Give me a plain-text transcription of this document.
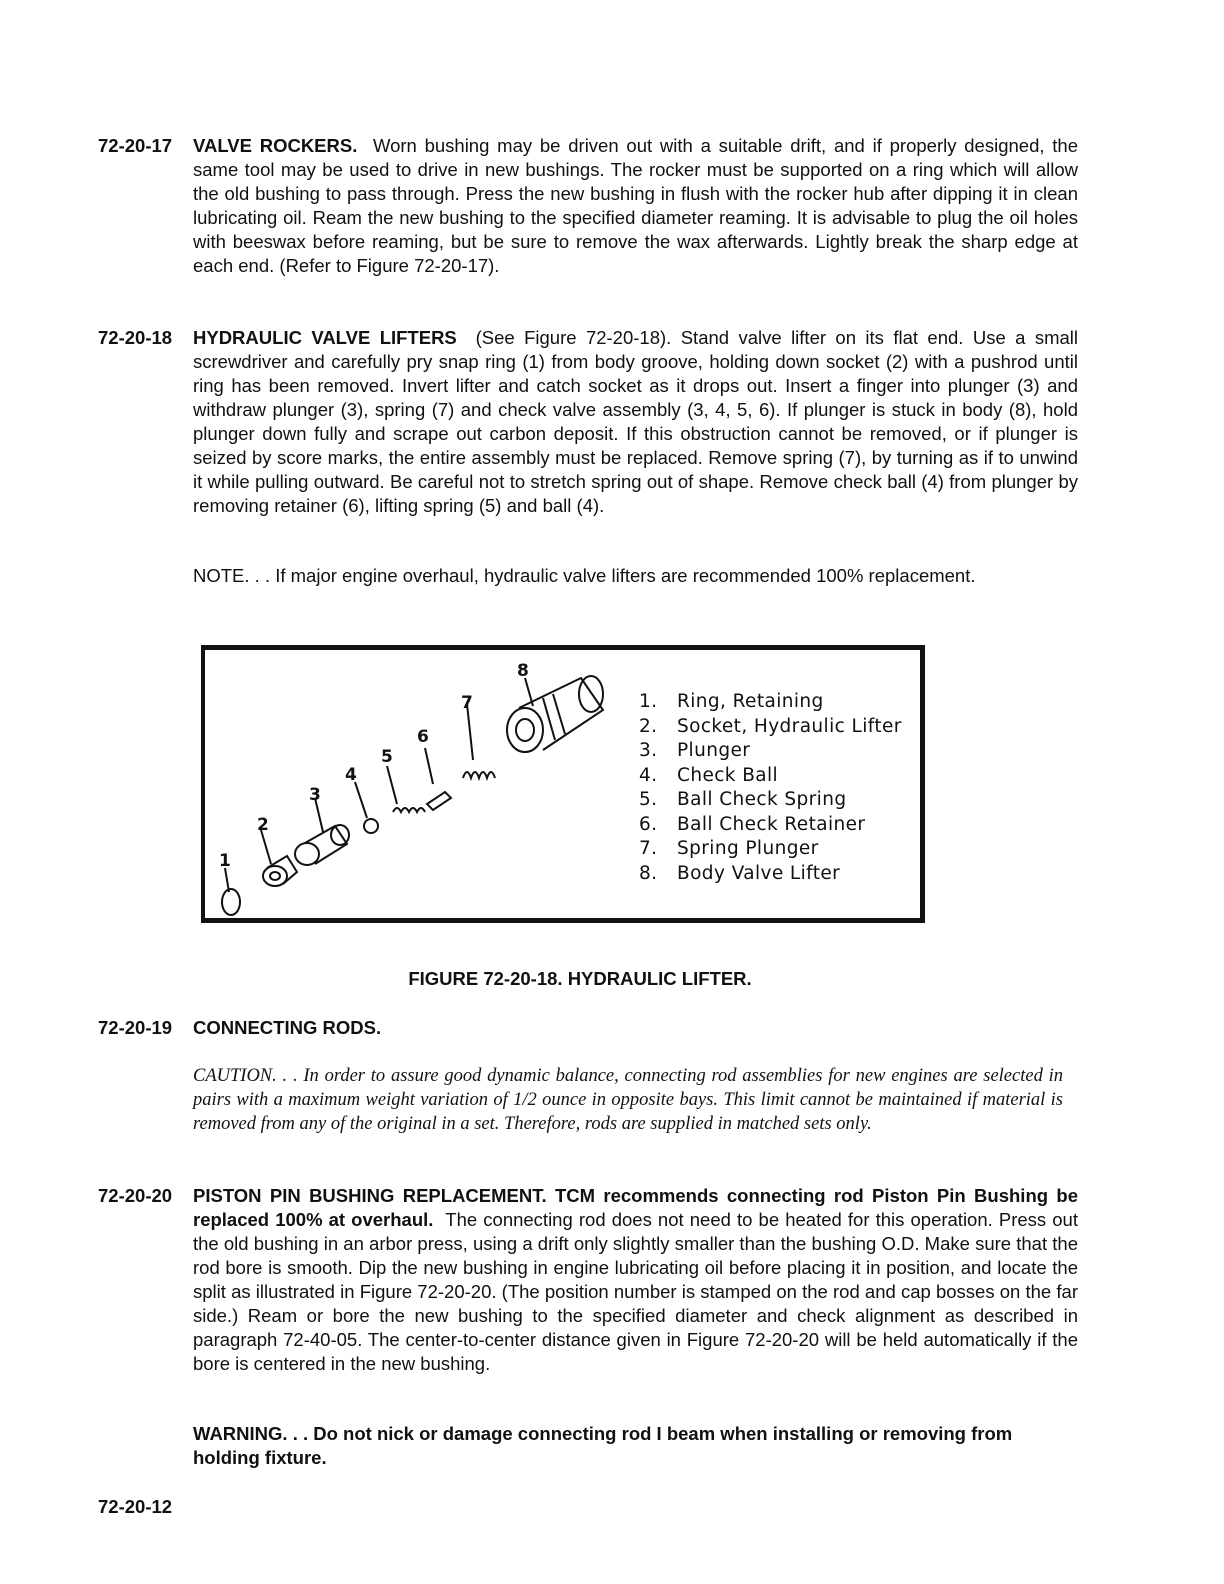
72-20-17 VALVE ROCKERS. Worn bushing may be driven out with a suitable drift, and if properly designed, the same tool may be used to drive in new bushings. The rocker must be supported on a ring which will allow the old bushing to pass through. Press the new bushing in flush with the rocker hub after dipping it in clean lubricating oil. Ream the new bushing to the specified diameter reaming. It is advisable to plug the oil holes with beeswax before reaming, but be sure to remove the wax afterwards. Lightly break the sharp edge at each end. (Refer to Figure 72-20-17).
72-20-18 HYDRAULIC VALVE LIFTERS (See Figure 72-20-18). Stand valve lifter on its flat end. Use a small screwdriver and carefully pry snap ring (1) from body groove, holding down socket (2) with a pushrod until ring has been removed. Invert lifter and catch socket as it drops out. Insert a finger into plunger (3) and withdraw plunger (3), spring (7) and check valve assembly (3, 4, 5, 6). If plunger is stuck in body (8), hold plunger down fully and scrape out carbon deposit. If this obstruction cannot be removed, or if plunger is seized by score marks, the entire assembly must be replaced. Remove spring (7), by turning as if to unwind it while pulling outward. Be careful not to stretch spring out of shape. Remove check ball (4) from plunger by removing retainer (6), lifting spring (5) and ball (4).
NOTE. . . If major engine overhaul, hydraulic valve lifters are recommended 100% replacement.
1
2
3
4
5
6
7
8
1.	Ring, Retaining
2.	Socket, Hydraulic Lifter
3.	Plunger
4.	Check Ball
5.	Ball Check Spring
6.	Ball Check Retainer
7.	Spring Plunger
8.	Body Valve Lifter
FIGURE 72-20-18. HYDRAULIC LIFTER.
72-20-19 CONNECTING RODS.
CAUTION. . . In order to assure good dynamic balance, connecting rod assemblies for new engines are selected in pairs with a maximum weight variation of 1/2 ounce in opposite bays. This limit cannot be maintained if material is removed from any of the original in a set. Therefore, rods are supplied in matched sets only.
72-20-20 PISTON PIN BUSHING REPLACEMENT. TCM recommends connecting rod Piston Pin Bushing be replaced 100% at overhaul. The connecting rod does not need to be heated for this operation. Press out the old bushing in an arbor press, using a drift only slightly smaller than the bushing O.D. Make sure that the rod bore is smooth. Dip the new bushing in engine lubricating oil before placing it in position, and locate the split as illustrated in Figure 72-20-20. (The position number is stamped on the rod and cap bosses on the far side.) Ream or bore the new bushing to the specified diameter and check alignment as described in paragraph 72-40-05. The center-to-center distance given in Figure 72-20-20 will be held automatically if the bore is centered in the new bushing.
WARNING. . . Do not nick or damage connecting rod I beam when installing or removing from holding fixture.
72-20-12
